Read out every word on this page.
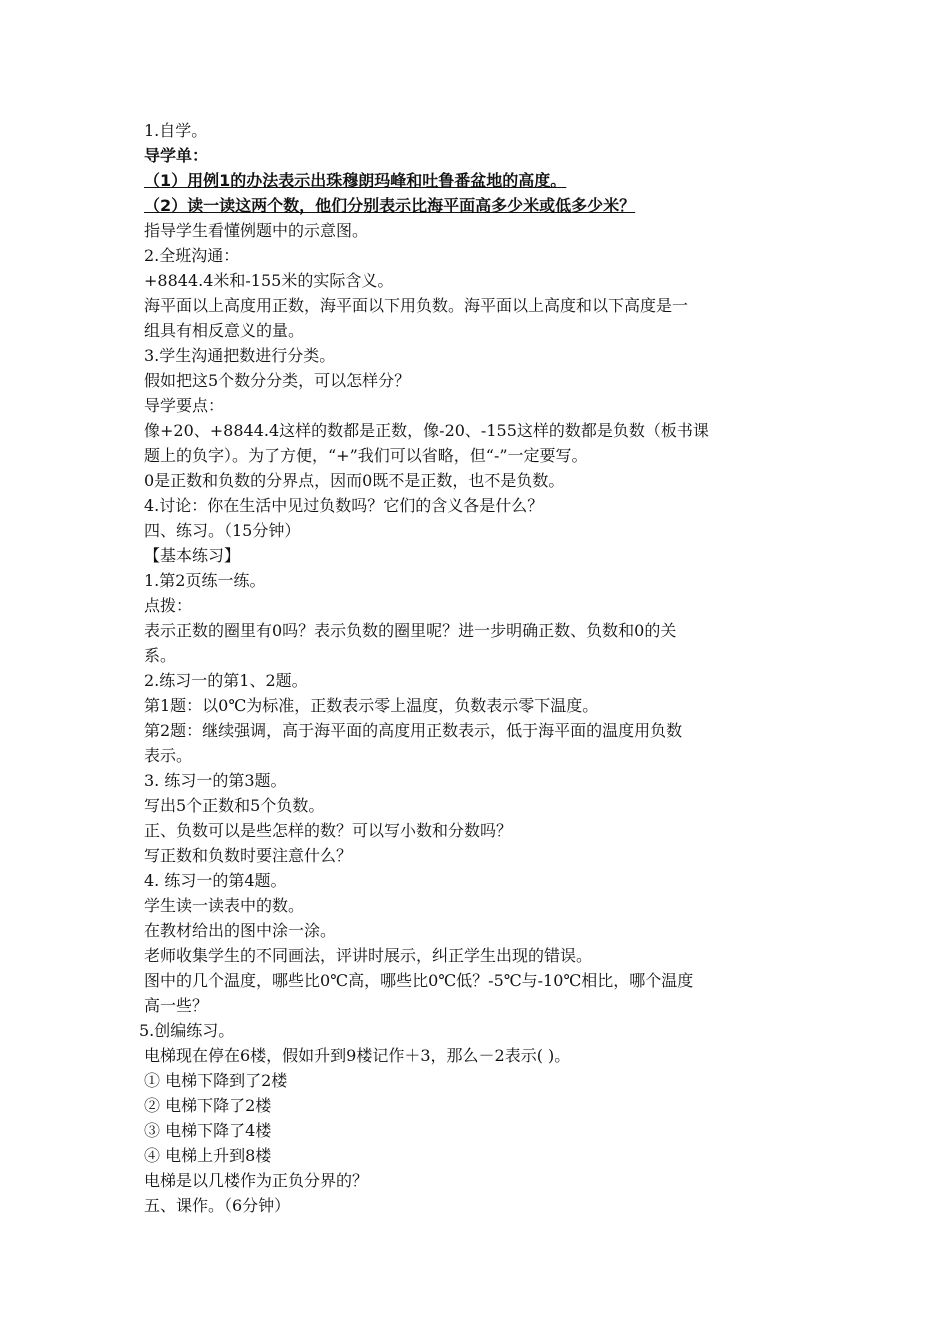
1.自学。
导学单：
（1）用例1的办法表示出珠穆朗玛峰和吐鲁番盆地的高度。
（2）读一读这两个数，他们分别表示比海平面高多少米或低多少米？
指导学生看懂例题中的示意图。
2.全班沟通：
+8844.4米和-155米的实际含义。
海平面以上高度用正数，海平面以下用负数。海平面以上高度和以下高度是一
组具有相反意义的量。
3.学生沟通把数进行分类。
假如把这5个数分分类，可以怎样分？
导学要点：
像+20、+8844.4这样的数都是正数，像-20、-155这样的数都是负数（板书课
题上的负字）。为了方便，“+”我们可以省略，但“-”一定要写。
0是正数和负数的分界点，因而0既不是正数，也不是负数。
4.讨论：你在生活中见过负数吗？它们的含义各是什么？
四、练习。（15分钟）
【基本练习】
1.第2页练一练。
点拨：
表示正数的圈里有0吗？表示负数的圈里呢？进一步明确正数、负数和0的关
系。
2.练习一的第1、2题。
第1题：以0℃为标准，正数表示零上温度，负数表示零下温度。
第2题：继续强调，高于海平面的高度用正数表示，低于海平面的温度用负数
表示。
3. 练习一的第3题。
写出5个正数和5个负数。
正、负数可以是些怎样的数？可以写小数和分数吗？
写正数和负数时要注意什么？
4. 练习一的第4题。
学生读一读表中的数。
在教材给出的图中涂一涂。
老师收集学生的不同画法，评讲时展示，纠正学生出现的错误。
图中的几个温度，哪些比0℃高，哪些比0℃低？-5℃与-10℃相比，哪个温度
高一些？
5.创编练习。
电梯现在停在6楼，假如升到9楼记作＋3，那么－2表示( )。
① 电梯下降到了2楼
② 电梯下降了2楼
③ 电梯下降了4楼
④ 电梯上升到8楼
电梯是以几楼作为正负分界的？
五、课作。（6分钟）
